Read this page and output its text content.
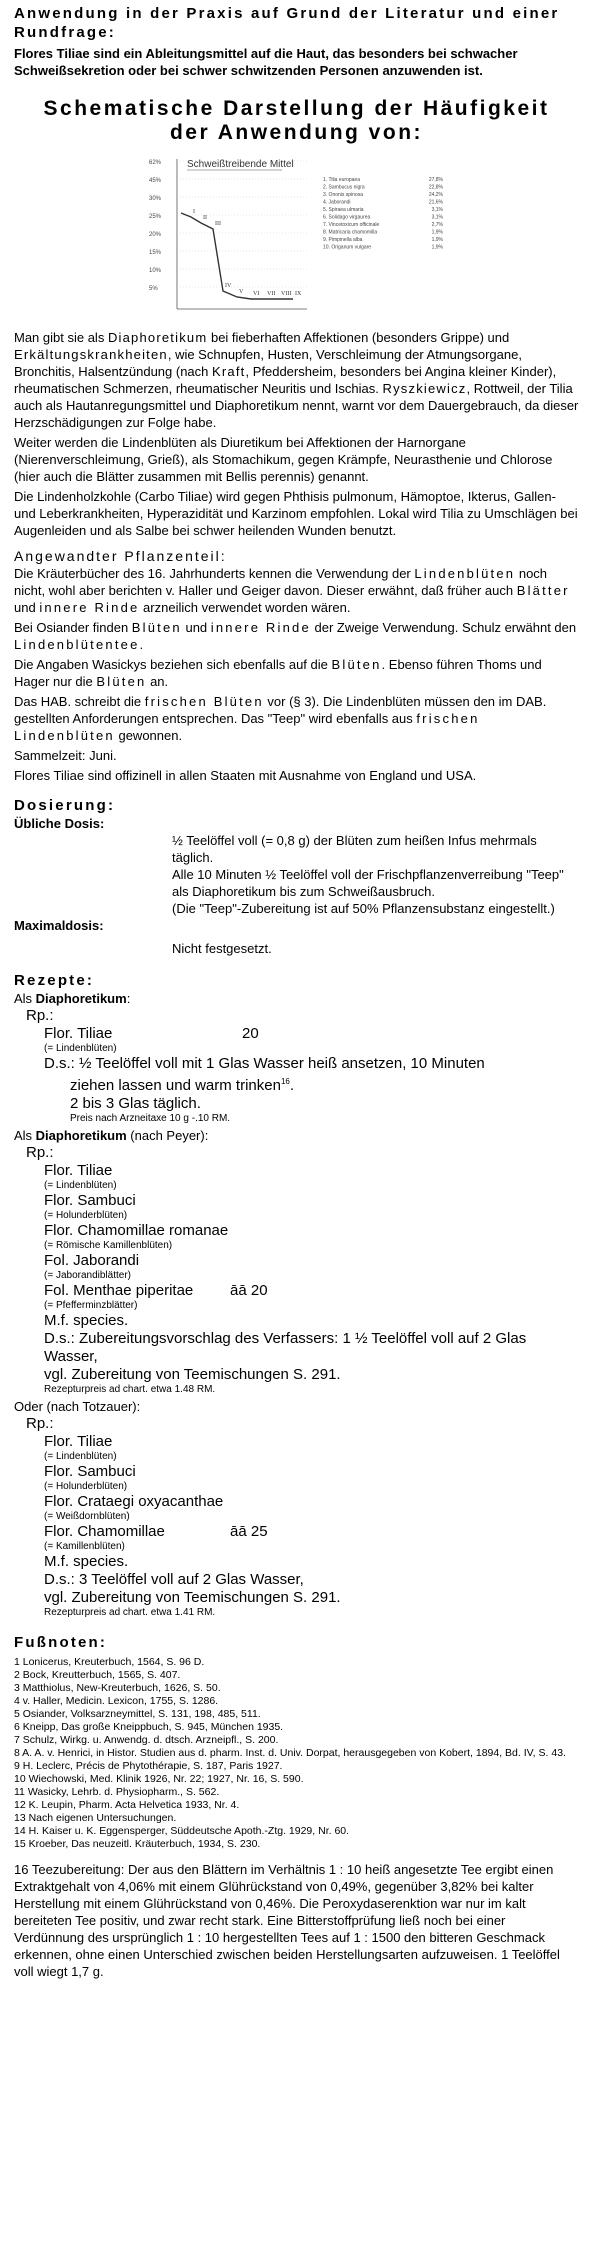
Anwendung in der Praxis auf Grund der Literatur und einer Rundfrage:

Flores Tiliae sind ein Ableitungsmittel auf die Haut, das besonders bei schwacher Schweißsekretion oder bei schwer schwitzenden Personen anzuwenden ist.

Schematische Darstellung der Häufigkeit
der Anwendung von:
Schweißtreibende Mittel
62%
45%
30%
25%
20%
15%
10%
5%
I
II
III
IV
V VI VII VIII IX
1. Tilia europaea	27,8%
2. Sambucus nigra	22,8%
3. Ononis spinosa	24,2%
4. Jaborandi	21,6%
5. Spiraea ulmaria	3,1%
6. Solidago virgaurea	3,1%
7. Vincetoxicum officinale	2,7%
8. Matricaria chamomilla	1,9%
9. Pimpinella alba	1,9%
10. Origanum vulgare	1,9%

Man gibt sie als Diaphoretikum bei fieberhaften Affektionen (besonders Grippe) und Erkältungskrankheiten, wie Schnupfen, Husten, Verschleimung der Atmungsorgane, Bronchitis, Halsentzündung (nach Kraft, Pfeddersheim, besonders bei Angina kleiner Kinder), rheumatischen Schmerzen, rheumatischer Neuritis und Ischias. Ryszkiewicz, Rottweil, der Tilia auch als Hautanregungsmittel und Diaphoretikum nennt, warnt vor dem Dauergebrauch, da dieser Herzschädigungen zur Folge habe.

Weiter werden die Lindenblüten als Diuretikum bei Affektionen der Harnorgane (Nierenverschleimung, Grieß), als Stomachikum, gegen Krämpfe, Neurasthenie und Chlorose (hier auch die Blätter zusammen mit Bellis perennis) genannt.

Die Lindenholzkohle (Carbo Tiliae) wird gegen Phthisis pulmonum, Hämoptoe, Ikterus, Gallen- und Leberkrankheiten, Hyperazidität und Karzinom empfohlen. Lokal wird Tilia zu Umschlägen bei Augenleiden und als Salbe bei schwer heilenden Wunden benutzt.

Angewandter Pflanzenteil:

Die Kräuterbücher des 16. Jahrhunderts kennen die Verwendung der Lindenblüten noch nicht, wohl aber berichten v. Haller und Geiger davon. Dieser erwähnt, daß früher auch Blätter und innere Rinde arzneilich verwendet worden wären.

Bei Osiander finden Blüten und innere Rinde der Zweige Verwendung. Schulz erwähnt den Lindenblütentee.

Die Angaben Wasickys beziehen sich ebenfalls auf die Blüten. Ebenso führen Thoms und Hager nur die Blüten an.

Das HAB. schreibt die frischen Blüten vor (§ 3). Die Lindenblüten müssen den im DAB. gestellten Anforderungen entsprechen. Das "Teep" wird ebenfalls aus frischen Lindenblüten gewonnen.

Sammelzeit: Juni.

Flores Tiliae sind offizinell in allen Staaten mit Ausnahme von England und USA.

Dosierung:
Übliche Dosis:
½ Teelöffel voll (= 0,8 g) der Blüten zum heißen Infus mehrmals täglich.
Alle 10 Minuten ½ Teelöffel voll der Frischpflanzenverreibung "Teep" als Diaphoretikum bis zum Schweißausbruch.
(Die "Teep"-Zubereitung ist auf 50% Pflanzensubstanz eingestellt.)
Maximaldosis:
Nicht festgesetzt.
Rezepte:
Als Diaphoretikum:
Rp.:
Flor. Tiliae	20
(= Lindenblüten)
D.s.: ½ Teelöffel voll mit 1 Glas Wasser heiß ansetzen, 10 Minuten
ziehen lassen und warm trinken$^{16}$.
2 bis 3 Glas täglich.
Preis nach Arzneitaxe 10 g -.10 RM.
Als Diaphoretikum (nach Peyer):
Rp.:
Flor. Tiliae
(= Lindenblüten)
Flor. Sambuci
(= Holunderblüten)
Flor. Chamomillae romanae
(= Römische Kamillenblüten)
Fol. Jaborandi
(= Jaborandiblätter)
Fol. Menthae piperitae	āā 20
(= Pfefferminzblätter)
M.f. species.
D.s.: Zubereitungsvorschlag des Verfassers: 1 ½ Teelöffel voll auf 2 Glas
Wasser,
vgl. Zubereitung von Teemischungen S. 291.
Rezepturpreis ad chart. etwa 1.48 RM.
Oder (nach Totzauer):
Rp.:
Flor. Tiliae
(= Lindenblüten)
Flor. Sambuci
(= Holunderblüten)
Flor. Crataegi oxyacanthae
(= Weißdornblüten)
Flor. Chamomillae	āā 25
(= Kamillenblüten)
M.f. species.
D.s.: 3 Teelöffel voll auf 2 Glas Wasser,
vgl. Zubereitung von Teemischungen S. 291.
Rezepturpreis ad chart. etwa 1.41 RM.
Fußnoten:
1 Lonicerus, Kreuterbuch, 1564, S. 96 D.
2 Bock, Kreutterbuch, 1565, S. 407.
3 Matthiolus, New-Kreuterbuch, 1626, S. 50.
4 v. Haller, Medicin. Lexicon, 1755, S. 1286.
5 Osiander, Volksarzneymittel, S. 131, 198, 485, 511.
6 Kneipp, Das große Kneippbuch, S. 945, München 1935.
7 Schulz, Wirkg. u. Anwendg. d. dtsch. Arzneipfl., S. 200.
8 A. A. v. Henrici, in Histor. Studien aus d. pharm. Inst. d. Univ. Dorpat, herausgegeben von Kobert, 1894, Bd. IV, S. 43.
9 H. Leclerc, Précis de Phytothérapie, S. 187, Paris 1927.
10 Wiechowski, Med. Klinik 1926, Nr. 22; 1927, Nr. 16, S. 590.
11 Wasicky, Lehrb. d. Physiopharm., S. 562.
12 K. Leupin, Pharm. Acta Helvetica 1933, Nr. 4.
13 Nach eigenen Untersuchungen.
14 H. Kaiser u. K. Eggensperger, Süddeutsche Apoth.-Ztg. 1929, Nr. 60.
15 Kroeber, Das neuzeitl. Kräuterbuch, 1934, S. 230.

16 Teezubereitung: Der aus den Blättern im Verhältnis 1 : 10 heiß angesetzte Tee ergibt einen Extraktgehalt von 4,06% mit einem Glührückstand von 0,49%, gegenüber 3,82% bei kalter Herstellung mit einem Glührückstand von 0,46%. Die Peroxydaserenktion war nur im kalt bereiteten Tee positiv, und zwar recht stark. Eine Bitterstoffprüfung ließ noch bei einer Verdünnung des ursprünglich 1 : 10 hergestellten Tees auf 1 : 1500 den bitteren Geschmack erkennen, ohne einen Unterschied zwischen beiden Herstellungsarten aufzuweisen. 1 Teelöffel voll wiegt 1,7 g.
